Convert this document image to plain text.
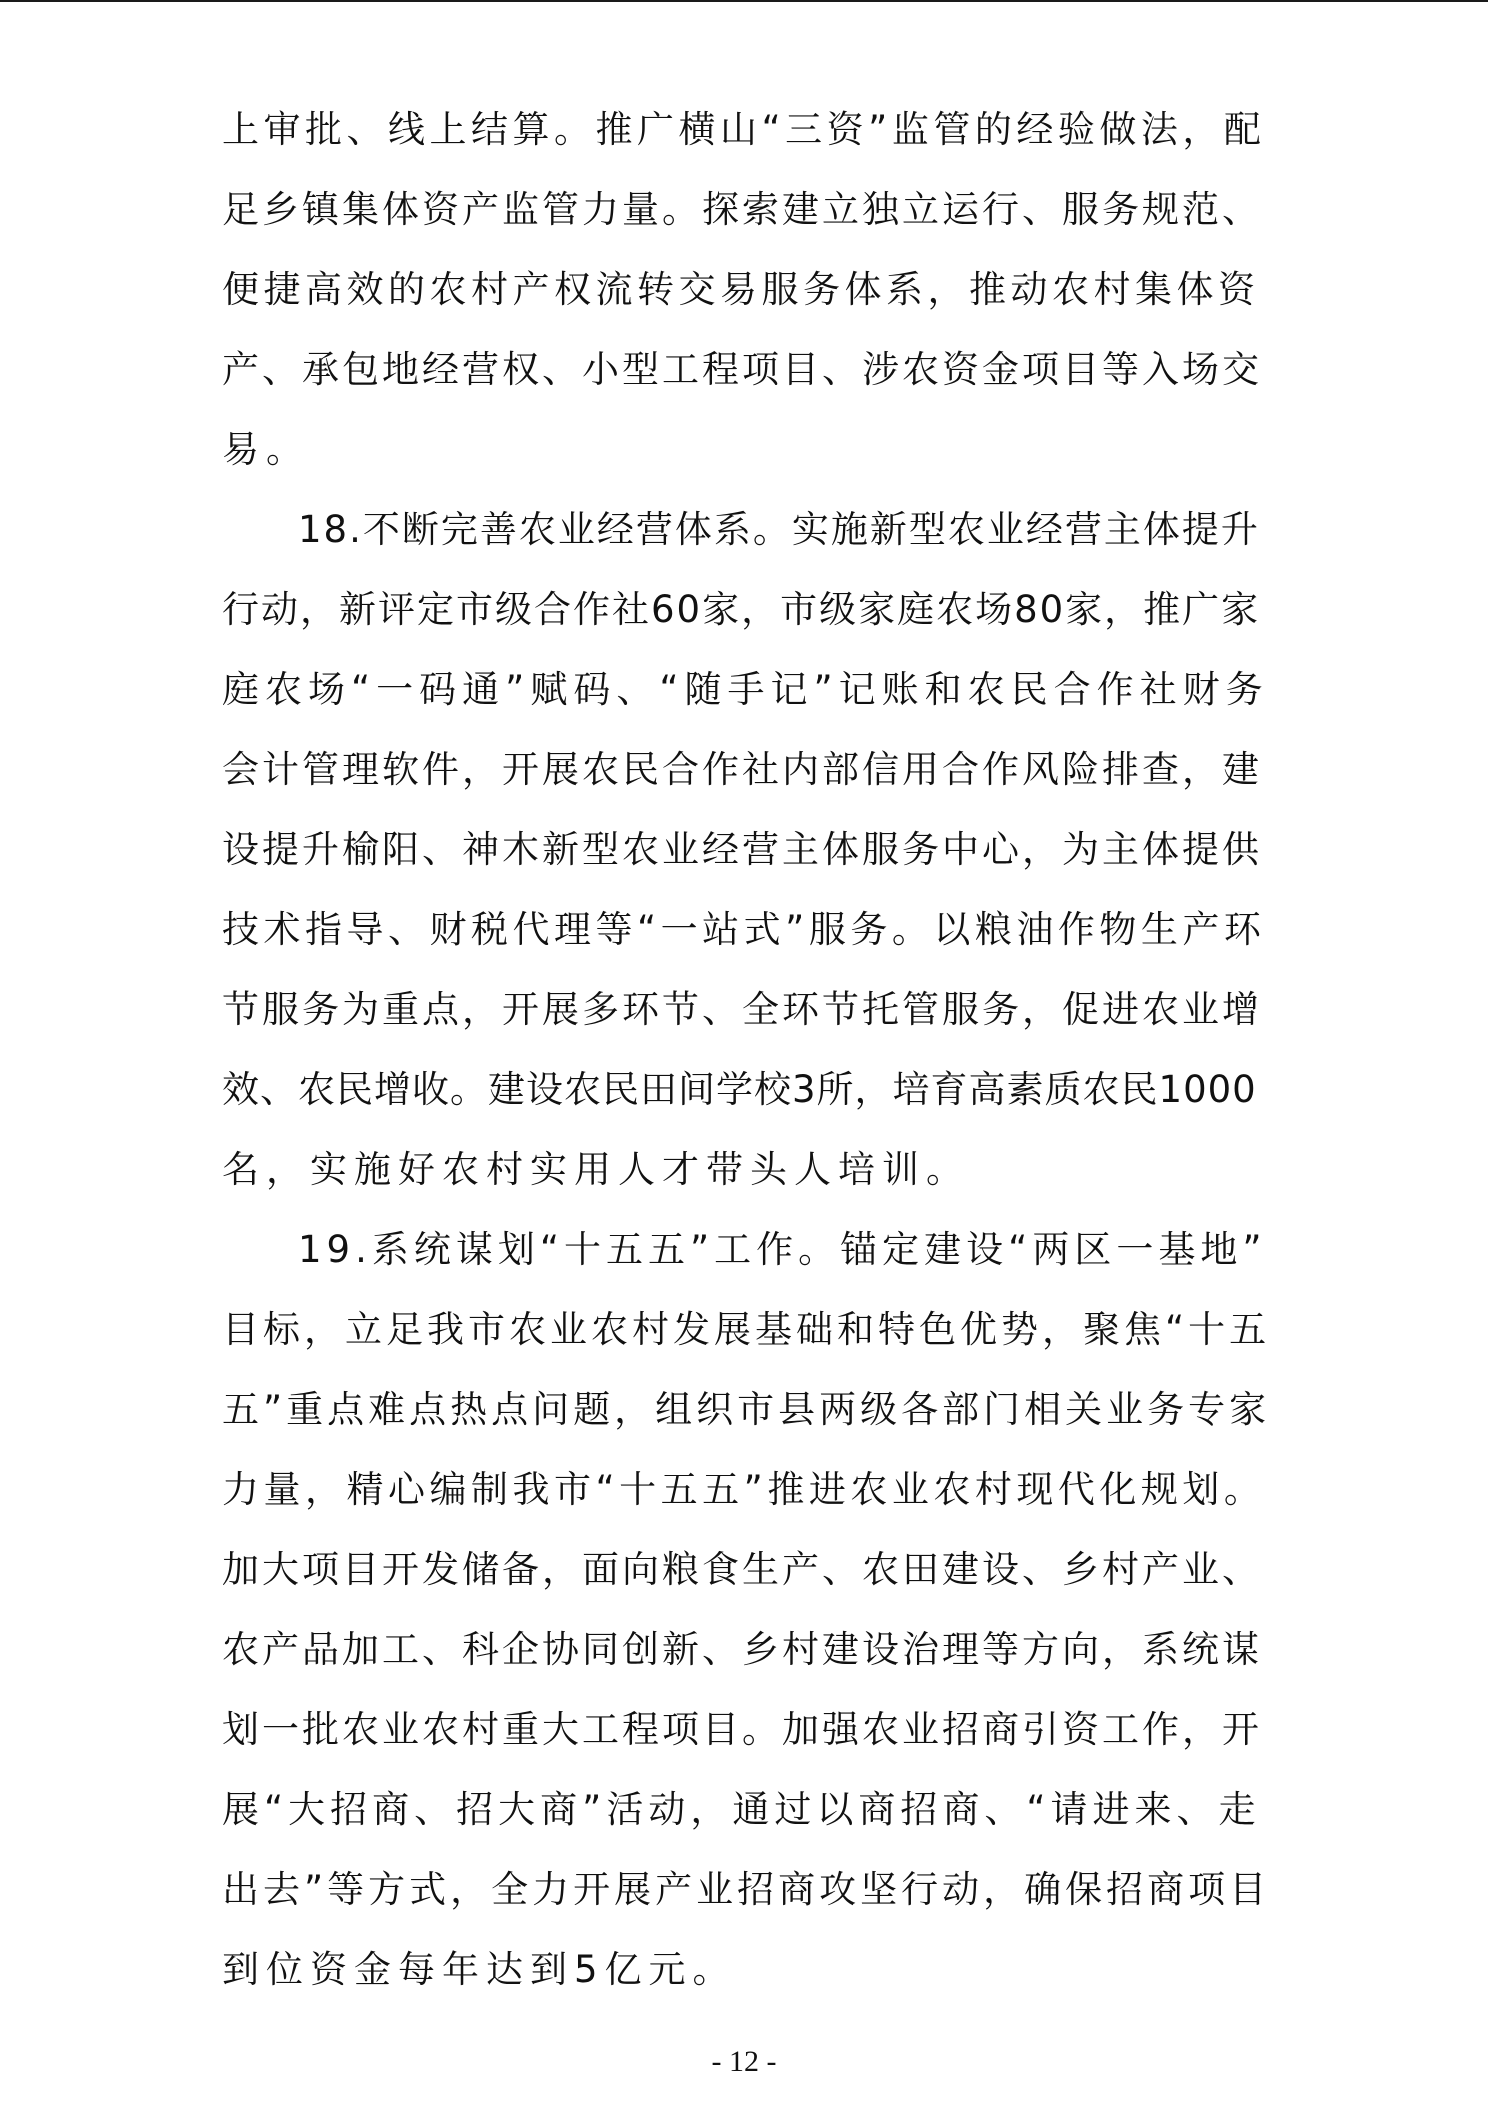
上审批、线上结算。推广横山“三资”监管的经验做法，配
足乡镇集体资产监管力量。探索建立独立运行、服务规范、
便捷高效的农村产权流转交易服务体系，推动农村集体资
产、承包地经营权、小型工程项目、涉农资金项目等入场交
易。
18.不断完善农业经营体系。实施新型农业经营主体提升
行动，新评定市级合作社60家，市级家庭农场80家，推广家
庭农场“一码通”赋码、“随手记”记账和农民合作社财务
会计管理软件，开展农民合作社内部信用合作风险排查，建
设提升榆阳、神木新型农业经营主体服务中心，为主体提供
技术指导、财税代理等“一站式”服务。以粮油作物生产环
节服务为重点，开展多环节、全环节托管服务，促进农业增
效、农民增收。建设农民田间学校3所，培育高素质农民1000
名，实施好农村实用人才带头人培训。
19.系统谋划“十五五”工作。锚定建设“两区一基地”
目标，立足我市农业农村发展基础和特色优势，聚焦“十五
五”重点难点热点问题，组织市县两级各部门相关业务专家
力量，精心编制我市“十五五”推进农业农村现代化规划。
加大项目开发储备，面向粮食生产、农田建设、乡村产业、
农产品加工、科企协同创新、乡村建设治理等方向，系统谋
划一批农业农村重大工程项目。加强农业招商引资工作，开
展“大招商、招大商”活动，通过以商招商、“请进来、走
出去”等方式，全力开展产业招商攻坚行动，确保招商项目
到位资金每年达到5亿元。
- 12 -
